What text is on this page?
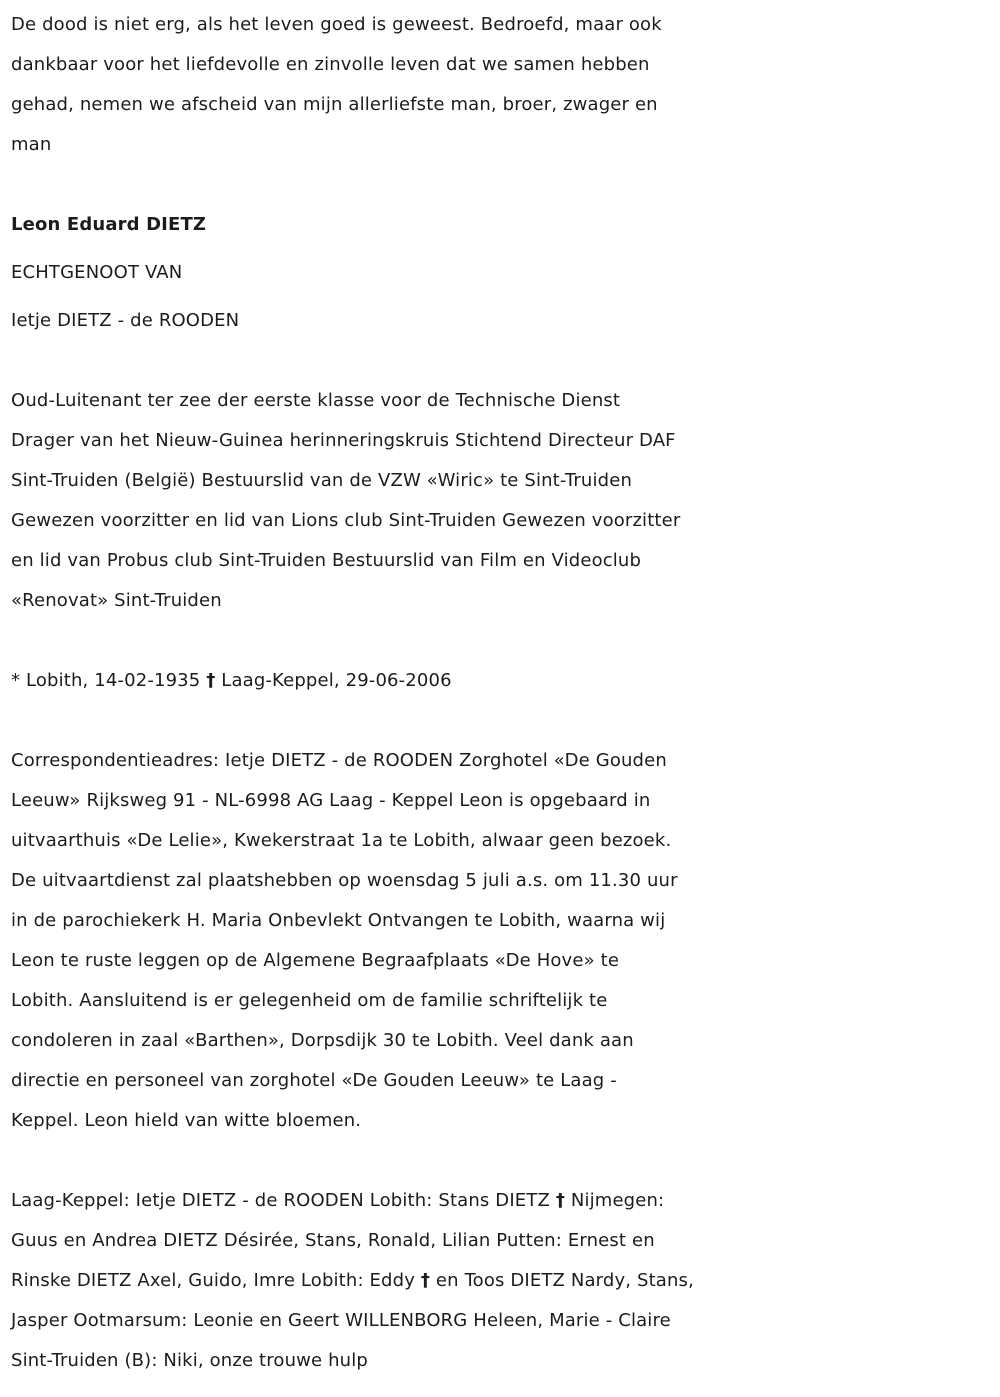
De dood is niet erg, als het leven goed is geweest. Bedroefd, maar ook
dankbaar voor het liefdevolle en zinvolle leven dat we samen hebben
gehad, nemen we afscheid van mijn allerliefste man, broer, zwager en
man
Leon Eduard DIETZ
ECHTGENOOT VAN
Ietje DIETZ - de ROODEN
Oud-Luitenant ter zee der eerste klasse voor de Technische Dienst
Drager van het Nieuw-Guinea herinneringskruis Stichtend Directeur DAF
Sint-Truiden (België) Bestuurslid van de VZW «Wiric» te Sint-Truiden
Gewezen voorzitter en lid van Lions club Sint-Truiden Gewezen voorzitter
en lid van Probus club Sint-Truiden Bestuurslid van Film en Videoclub
«Renovat» Sint-Truiden
* Lobith, 14-02-1935 † Laag-Keppel, 29-06-2006
Correspondentieadres: Ietje DIETZ - de ROODEN Zorghotel «De Gouden
Leeuw» Rijksweg 91 - NL-6998 AG Laag - Keppel Leon is opgebaard in
uitvaarthuis «De Lelie», Kwekerstraat 1a te Lobith, alwaar geen bezoek.
De uitvaartdienst zal plaatshebben op woensdag 5 juli a.s. om 11.30 uur
in de parochiekerk H. Maria Onbevlekt Ontvangen te Lobith, waarna wij
Leon te ruste leggen op de Algemene Begraafplaats «De Hove» te
Lobith. Aansluitend is er gelegenheid om de familie schriftelijk te
condoleren in zaal «Barthen», Dorpsdijk 30 te Lobith. Veel dank aan
directie en personeel van zorghotel «De Gouden Leeuw» te Laag -
Keppel. Leon hield van witte bloemen.
Laag-Keppel: Ietje DIETZ - de ROODEN Lobith: Stans DIETZ † Nijmegen:
Guus en Andrea DIETZ Désirée, Stans, Ronald, Lilian Putten: Ernest en
Rinske DIETZ Axel, Guido, Imre Lobith: Eddy † en Toos DIETZ Nardy, Stans,
Jasper Ootmarsum: Leonie en Geert WILLENBORG Heleen, Marie - Claire
Sint-Truiden (B): Niki, onze trouwe hulp
